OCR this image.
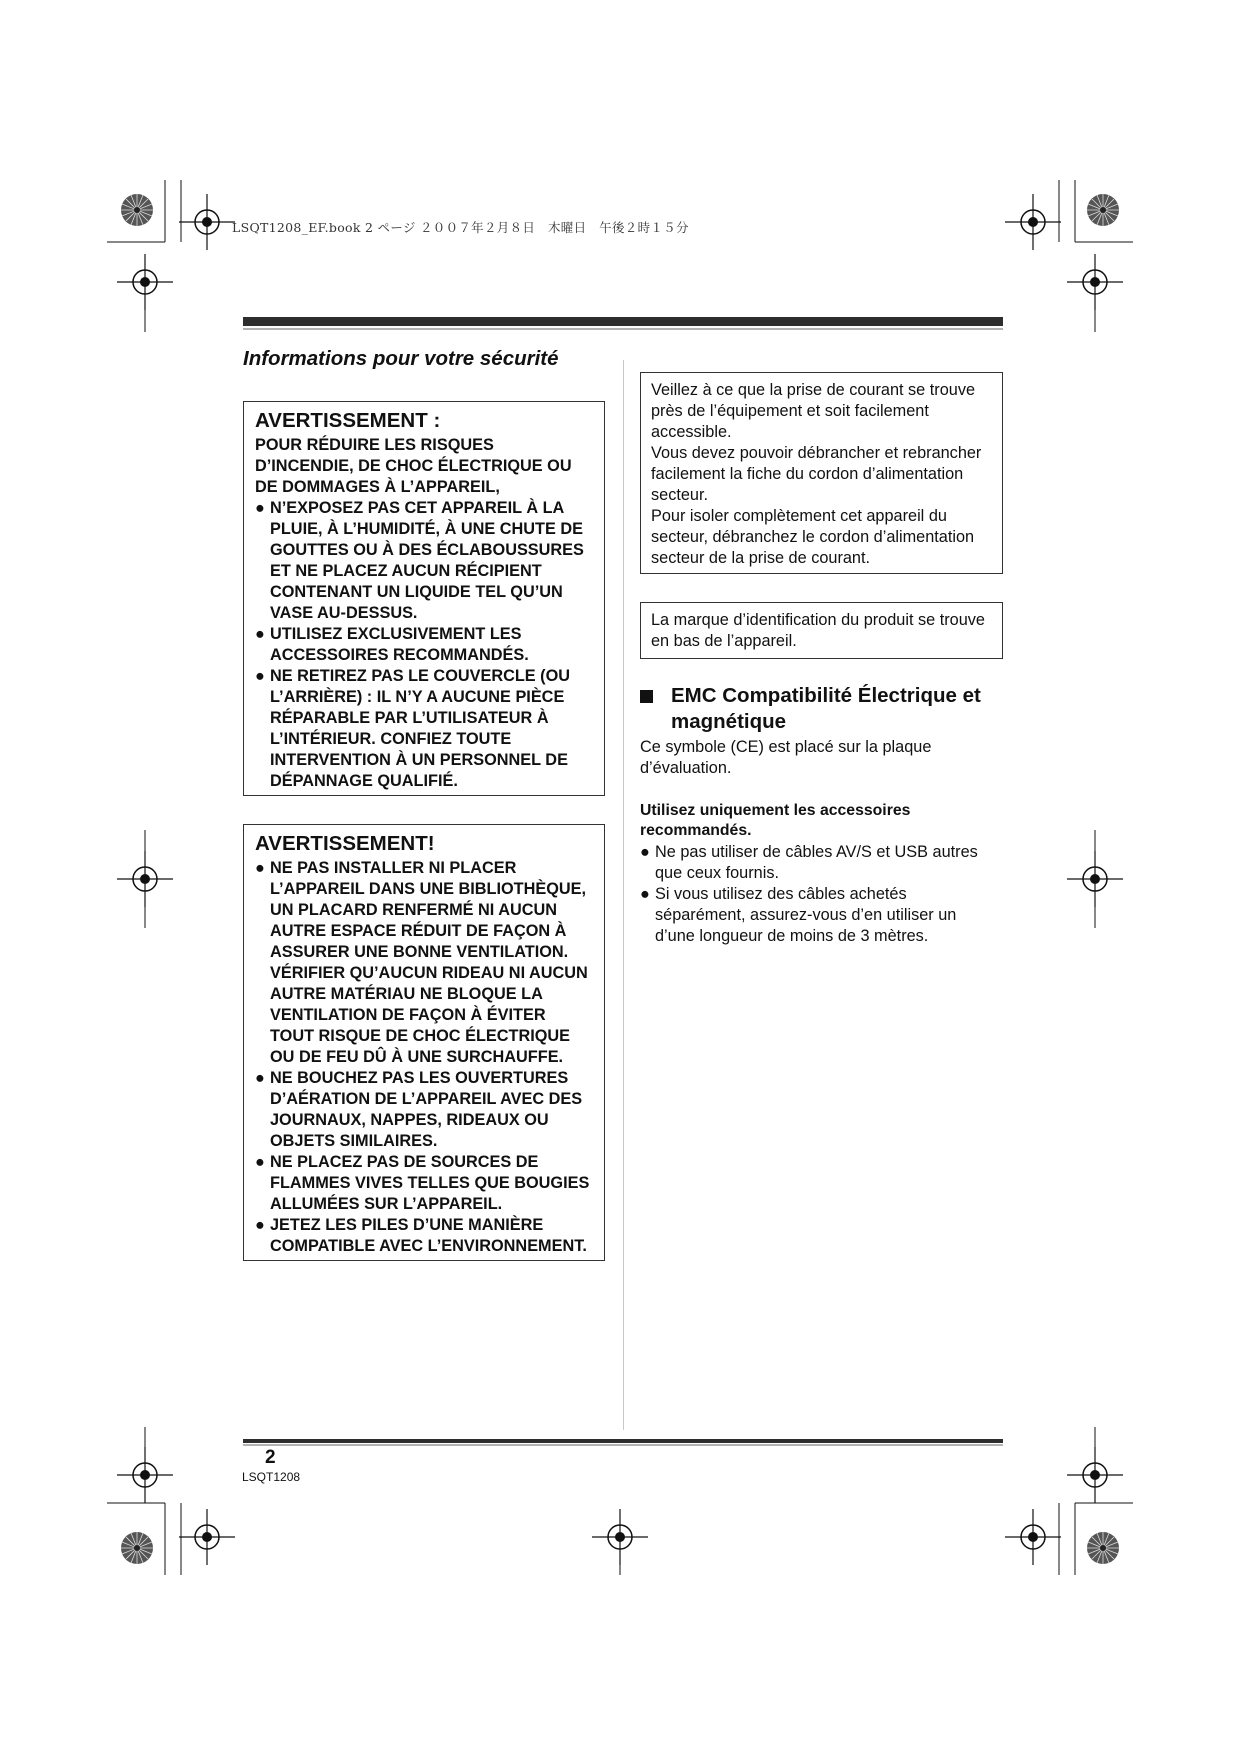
LSQT1208_EF.book 2 ページ ２００７年２月８日　木曜日　午後２時１５分
Informations pour votre sécurité
AVERTISSEMENT :

POUR RÉDUIRE LES RISQUES D’INCENDIE, DE CHOC ÉLECTRIQUE OU DE DOMMAGES À L’APPAREIL,

● N’EXPOSEZ PAS CET APPAREIL À LA PLUIE, À L’HUMIDITÉ, À UNE CHUTE DE GOUTTES OU À DES ÉCLABOUSSURES ET NE PLACEZ AUCUN RÉCIPIENT CONTENANT UN LIQUIDE TEL QU’UN VASE AU-DESSUS.
● UTILISEZ EXCLUSIVEMENT LES ACCESSOIRES RECOMMANDÉS.
● NE RETIREZ PAS LE COUVERCLE (OU L’ARRIÈRE) : IL N’Y A AUCUNE PIÈCE RÉPARABLE PAR L’UTILISATEUR À L’INTÉRIEUR. CONFIEZ TOUTE INTERVENTION À UN PERSONNEL DE DÉPANNAGE QUALIFIÉ.
AVERTISSEMENT!
● NE PAS INSTALLER NI PLACER L’APPAREIL DANS UNE BIBLIOTHÈQUE, UN PLACARD RENFERMÉ NI AUCUN AUTRE ESPACE RÉDUIT DE FAÇON À ASSURER UNE BONNE VENTILATION. VÉRIFIER QU’AUCUN RIDEAU NI AUCUN AUTRE MATÉRIAU NE BLOQUE LA VENTILATION DE FAÇON À ÉVITER TOUT RISQUE DE CHOC ÉLECTRIQUE OU DE FEU DÛ À UNE SURCHAUFFE.
● NE BOUCHEZ PAS LES OUVERTURES D’AÉRATION DE L’APPAREIL AVEC DES JOURNAUX, NAPPES, RIDEAUX OU OBJETS SIMILAIRES.
● NE PLACEZ PAS DE SOURCES DE FLAMMES VIVES TELLES QUE BOUGIES ALLUMÉES SUR L’APPAREIL.
● JETEZ LES PILES D’UNE MANIÈRE COMPATIBLE AVEC L’ENVIRONNEMENT.

Veillez à ce que la prise de courant se trouve près de l’équipement et soit facilement accessible.

Vous devez pouvoir débrancher et rebrancher facilement la fiche du cordon d’alimentation secteur.

Pour isoler complètement cet appareil du secteur, débranchez le cordon d’alimentation secteur de la prise de courant.

La marque d’identification du produit se trouve en bas de l’appareil.

EMC Compatibilité Électrique et magnétique

Ce symbole (CE) est placé sur la plaque d’évaluation.

Utilisez uniquement les accessoires recommandés.

● Ne pas utiliser de câbles AV/S et USB autres que ceux fournis.
● Si vous utilisez des câbles achetés séparément, assurez-vous d’en utiliser un d’une longueur de moins de 3 mètres.
2
LSQT1208
